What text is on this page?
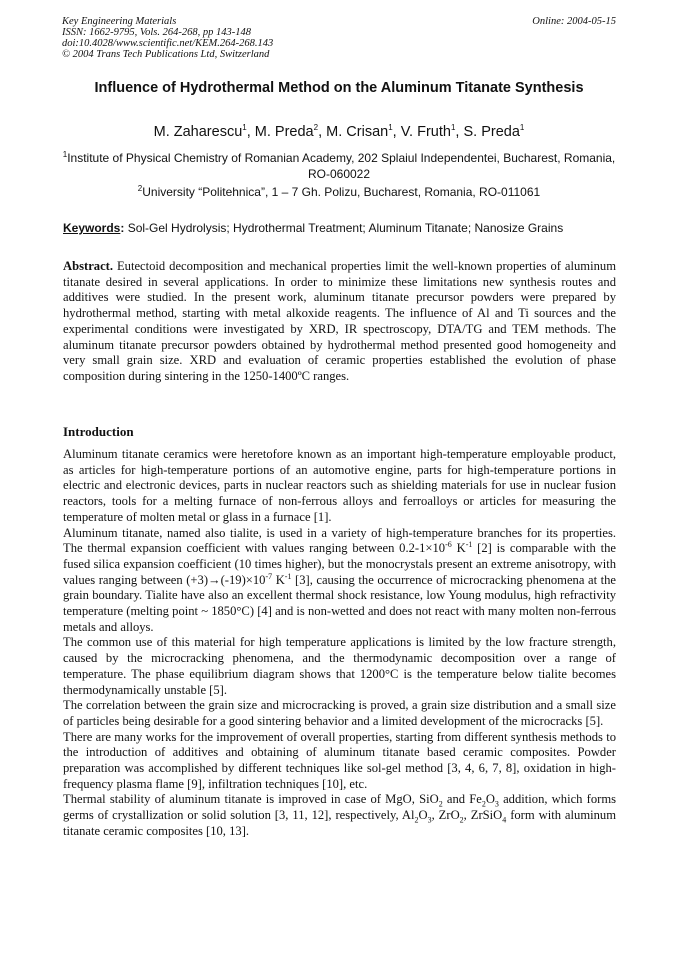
Key Engineering Materials
ISSN: 1662-9795, Vols. 264-268, pp 143-148
doi:10.4028/www.scientific.net/KEM.264-268.143
© 2004 Trans Tech Publications Ltd, Switzerland
Online: 2004-05-15
Influence of Hydrothermal Method on the Aluminum Titanate Synthesis
M. Zaharescu$^1$, M. Preda$^2$, M. Crisan$^1$, V. Fruth$^1$, S. Preda$^1$
$^1$Institute of Physical Chemistry of Romanian Academy, 202 Splaiul Independentei, Bucharest, Romania, RO-060022
$^2$University “Politehnica”, 1 – 7 Gh. Polizu, Bucharest, Romania, RO-011061
Keywords: Sol-Gel Hydrolysis; Hydrothermal Treatment; Aluminum Titanate; Nanosize Grains
Abstract. Eutectoid decomposition and mechanical properties limit the well-known properties of aluminum titanate desired in several applications. In order to minimize these limitations new synthesis routes and additives were studied. In the present work, aluminum titanate precursor powders were prepared by hydrothermal method, starting with metal alkoxide reagents. The influence of Al and Ti sources and the experimental conditions were investigated by XRD, IR spectroscopy, DTA/TG and TEM methods. The aluminum titanate precursor powders obtained by hydrothermal method presented good homogeneity and very small grain size. XRD and evaluation of ceramic properties established the evolution of phase composition during sintering in the 1250-1400ºC ranges.
Introduction

Aluminum titanate ceramics were heretofore known as an important high-temperature employable product, as articles for high-temperature portions of an automotive engine, parts for high-temperature portions in electric and electronic devices, parts in nuclear reactors such as shielding materials for use in nuclear fusion reactors, tools for a melting furnace of non-ferrous alloys and ferroalloys or articles for measuring the temperature of molten metal or glass in a furnace [1].

Aluminum titanate, named also tialite, is used in a variety of high-temperature branches for its properties. The thermal expansion coefficient with values ranging between $0.2-1\times 10^{-6}$ $K^{-1}$ [2] is comparable with the fused silica expansion coefficient (10 times higher), but the monocrystals present an extreme anisotropy, with values ranging between $(+3)\to(-19)\times 10^{-7}$ $K^{-1}$ [3], causing the occurrence of microcracking phenomena at the grain boundary. Tialite have also an excellent thermal shock resistance, low Young modulus, high refractivity temperature (melting point ~ 1850°C) [4] and is non-wetted and does not react with many molten non-ferrous metals and alloys.

The common use of this material for high temperature applications is limited by the low fracture strength, caused by the microcracking phenomena, and the thermodynamic decomposition over a range of temperature. The phase equilibrium diagram shows that 1200°C is the temperature below tialite becomes thermodynamically unstable [5].

The correlation between the grain size and microcracking is proved, a grain size distribution and a small size of particles being desirable for a good sintering behavior and a limited development of the microcracks [5].

There are many works for the improvement of overall properties, starting from different synthesis methods to the introduction of additives and obtaining of aluminum titanate based ceramic composites. Powder preparation was accomplished by different techniques like sol-gel method [3, 4, 6, 7, 8], oxidation in high-frequency plasma flame [9], infiltration techniques [10], etc.

Thermal stability of aluminum titanate is improved in case of MgO, SiO$_2$ and $Fe_2O_3$ addition, which forms germs of crystallization or solid solution [3, 11, 12], respectively, $Al_2O_3$, ZrO$_2$, ZrSiO$_4$ form with aluminum titanate ceramic composites [10, 13].
